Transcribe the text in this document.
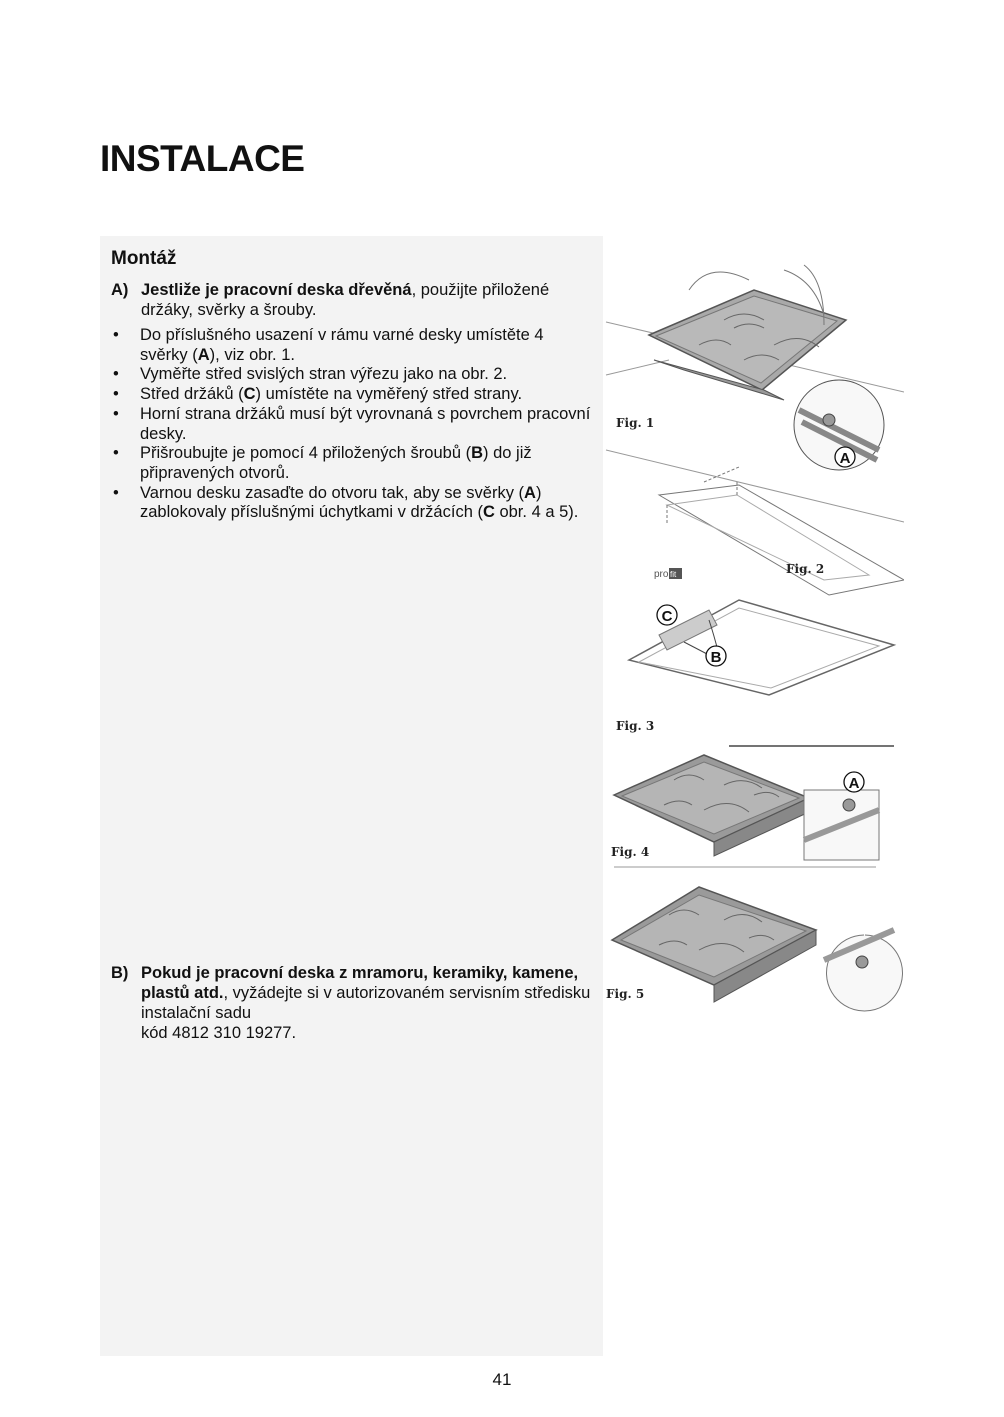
INSTALACE
Montáž
A) Jestliže je pracovní deska dřevěná, použijte přiložené držáky, svěrky a šrouby.
• Do příslušného usazení v rámu varné desky umístěte 4 svěrky (A), viz obr. 1.
• Vyměřte střed svislých stran výřezu jako na obr. 2.
• Střed držáků (C) umístěte na vyměřený střed strany.
• Horní strana držáků musí být vyrovnaná s povrchem pracovní desky.
• Přišroubujte je pomocí 4 přiložených šroubů (B) do již připravených otvorů.
• Varnou desku zasaďte do otvoru tak, aby se svěrky (A) zablokovaly příslušnými úchytkami v držácích (C obr. 4 a 5).
B) Pokud je pracovní deska z mramoru, keramiky, kamene, plastů atd., vyžádejte si v autorizovaném servisním středisku instalační sadu
kód 4812 310 19277.
Fig. 1
A
Fig. 2
pro fit
Fig. 3
C
B
Fig. 4
A
Fig. 5
41
